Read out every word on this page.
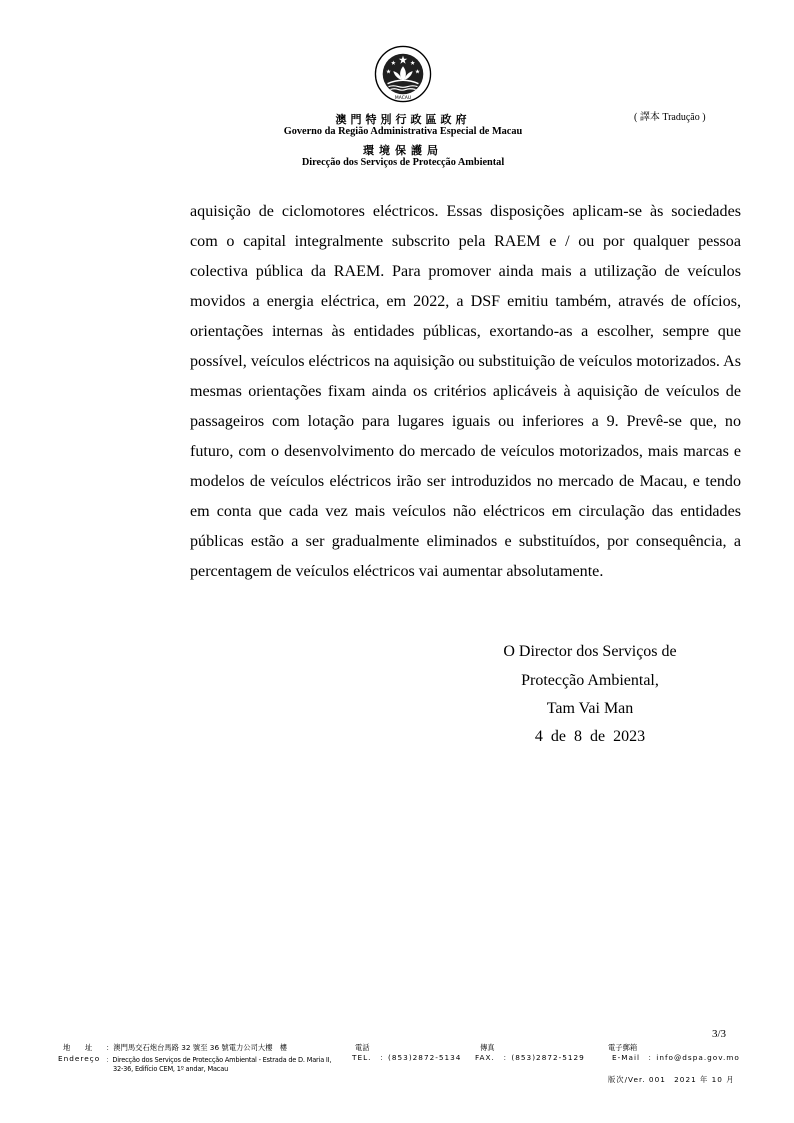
MACAU
澳門特別行政區政府
Governo da Região Administrativa Especial de Macau
環境保護局
Direcção dos Serviços de Protecção Ambiental
( 譯本 Tradução )
aquisição de ciclomotores eléctricos. Essas disposições aplicam-se às sociedades com o capital integralmente subscrito pela RAEM e / ou por qualquer pessoa colectiva pública da RAEM. Para promover ainda mais a utilização de veículos movidos a energia eléctrica, em 2022, a DSF emitiu também, através de ofícios, orientações internas às entidades públicas, exortando-as a escolher, sempre que possível, veículos eléctricos na aquisição ou substituição de veículos motorizados. As mesmas orientações fixam ainda os critérios aplicáveis à aquisição de veículos de passageiros com lotação para lugares iguais ou inferiores a 9. Prevê-se que, no futuro, com o desenvolvimento do mercado de veículos motorizados, mais marcas e modelos de veículos eléctricos irão ser introduzidos no mercado de Macau, e tendo em conta que cada vez mais veículos não eléctricos em circulação das entidades públicas estão a ser gradualmente eliminados e substituídos, por consequência, a percentagem de veículos eléctricos vai aumentar absolutamente.
O Director dos Serviços de
Protecção Ambiental,
Tam Vai Man
4 de 8 de 2023
3/3
地　　址 ：澳門馬交石炮台馬路 32 號至 36 號電力公司大樓　樓
Endereço ：Direcção dos Serviços de Protecção Ambiental - Estrada de D. Maria II,
32-36, Edifício CEM, 1º andar, Macau
電話
TEL.　：(853)2872-5134
傳真
FAX.　：(853)2872-5129
電子郵箱
E-Mail ：info@dspa.gov.mo
版次/Ver. 001　2021 年 10 月
